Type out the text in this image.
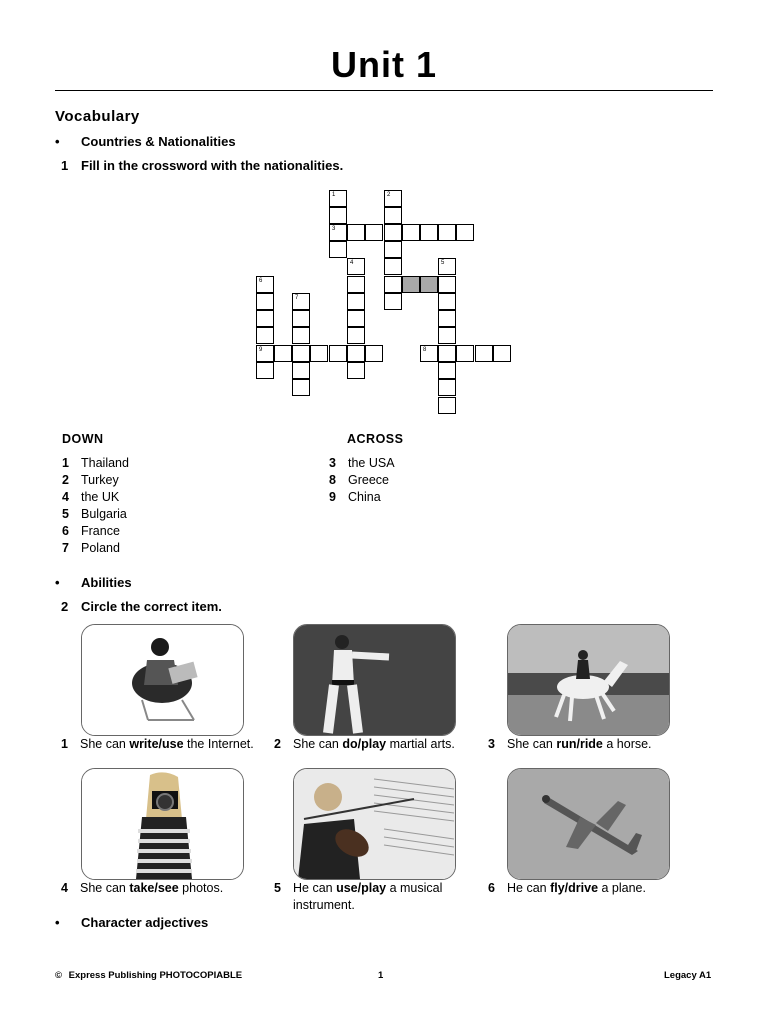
Unit 1
Vocabulary
• Countries & Nationalities
1 Fill in the crossword with the nationalities.
1
3
2
4	5
8
6
9
7
DOWN	ACROSS
1 Thailand
2 Turkey
4 the UK
5 Bulgaria
6 France
7 Poland
3 the USA
8 Greece
9 China
• Abilities
2 Circle the correct item.
1 She can write/use the Internet. 2 She can do/play martial arts.	3 She can run/ride a horse.
4 She can take/see photos.	5 He can use/play a musical instrument.
6 He can fly/drive a plane.
• Character adjectives
© Express Publishing PHOTOCOPIABLE	1	Legacy A1
